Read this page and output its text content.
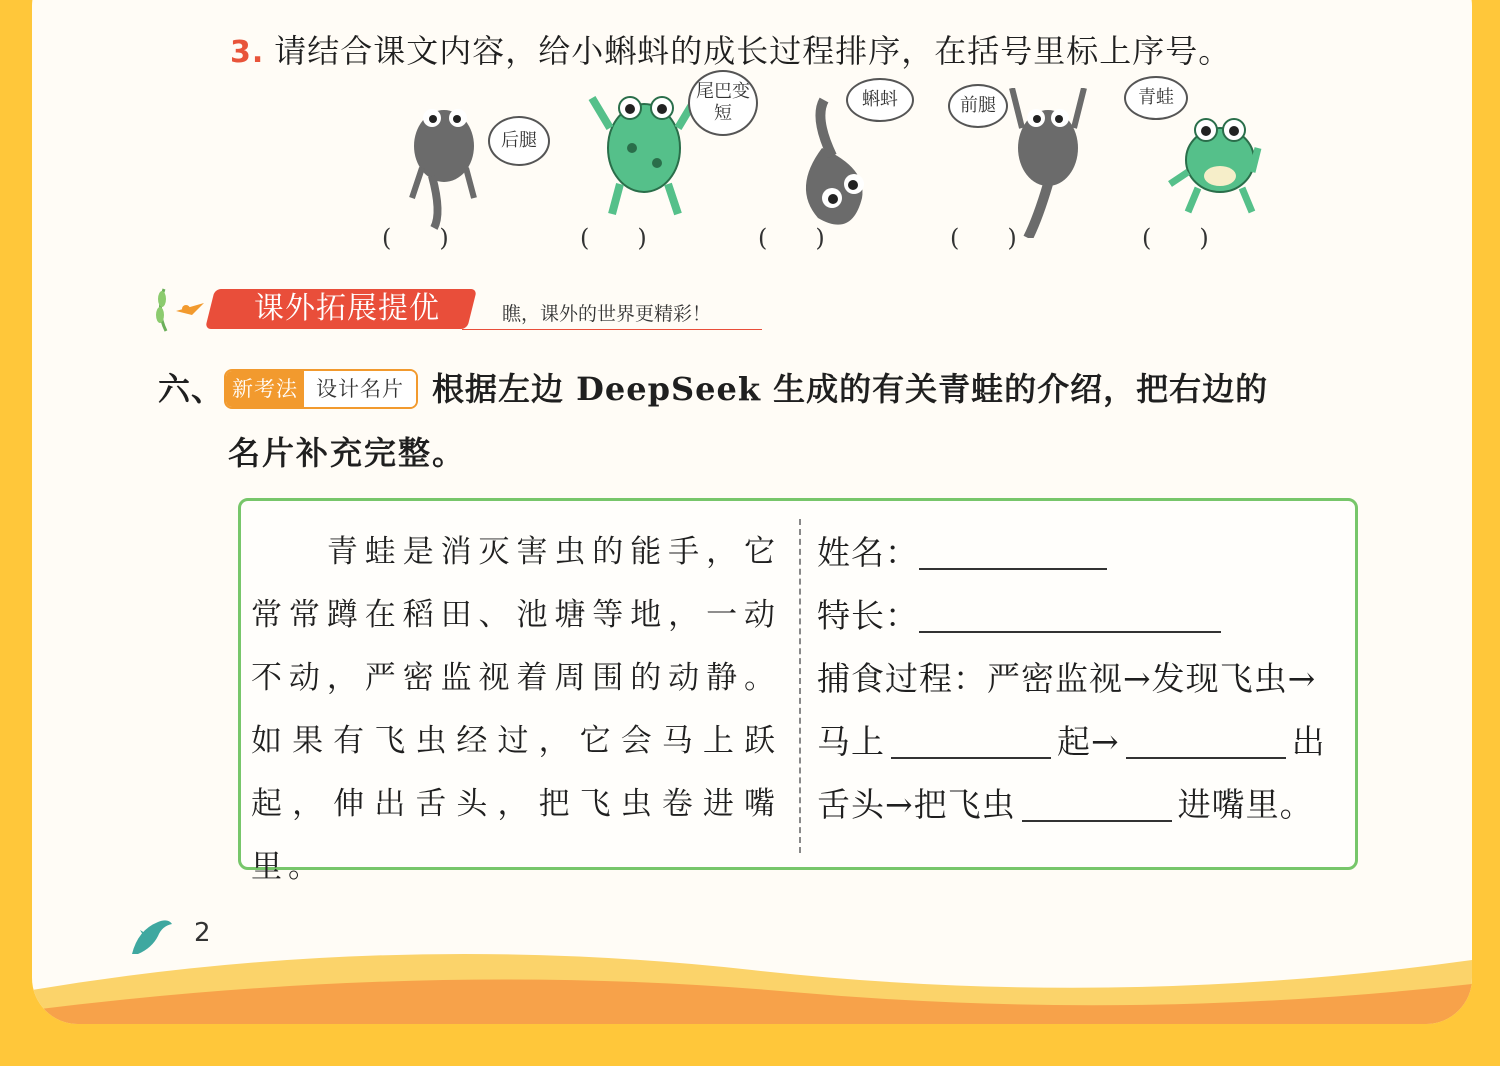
3. 请结合课文内容，给小蝌蚪的成长过程排序，在括号里标上序号。
后腿
尾巴变短
蝌蚪	前腿	青蛙
(　　)	(　　)	(　　)	(　　)	(　　)
课外拓展提优	瞧，课外的世界更精彩！
六、 新考法 设计名片 根据左边 DeepSeek 生成的有关青蛙的介绍，把右边的
名片补充完整。
　　青蛙是消灭害虫的能手，它常常蹲在稻田、池塘等地，一动不动，严密监视着周围的动静。如果有飞虫经过，它会马上跃起，伸出舌头，把飞虫卷进嘴里。
姓名：
特长：
捕食过程：严密监视→发现飞虫→
马上	起→	出
舌头→把飞虫	进嘴里。
2
